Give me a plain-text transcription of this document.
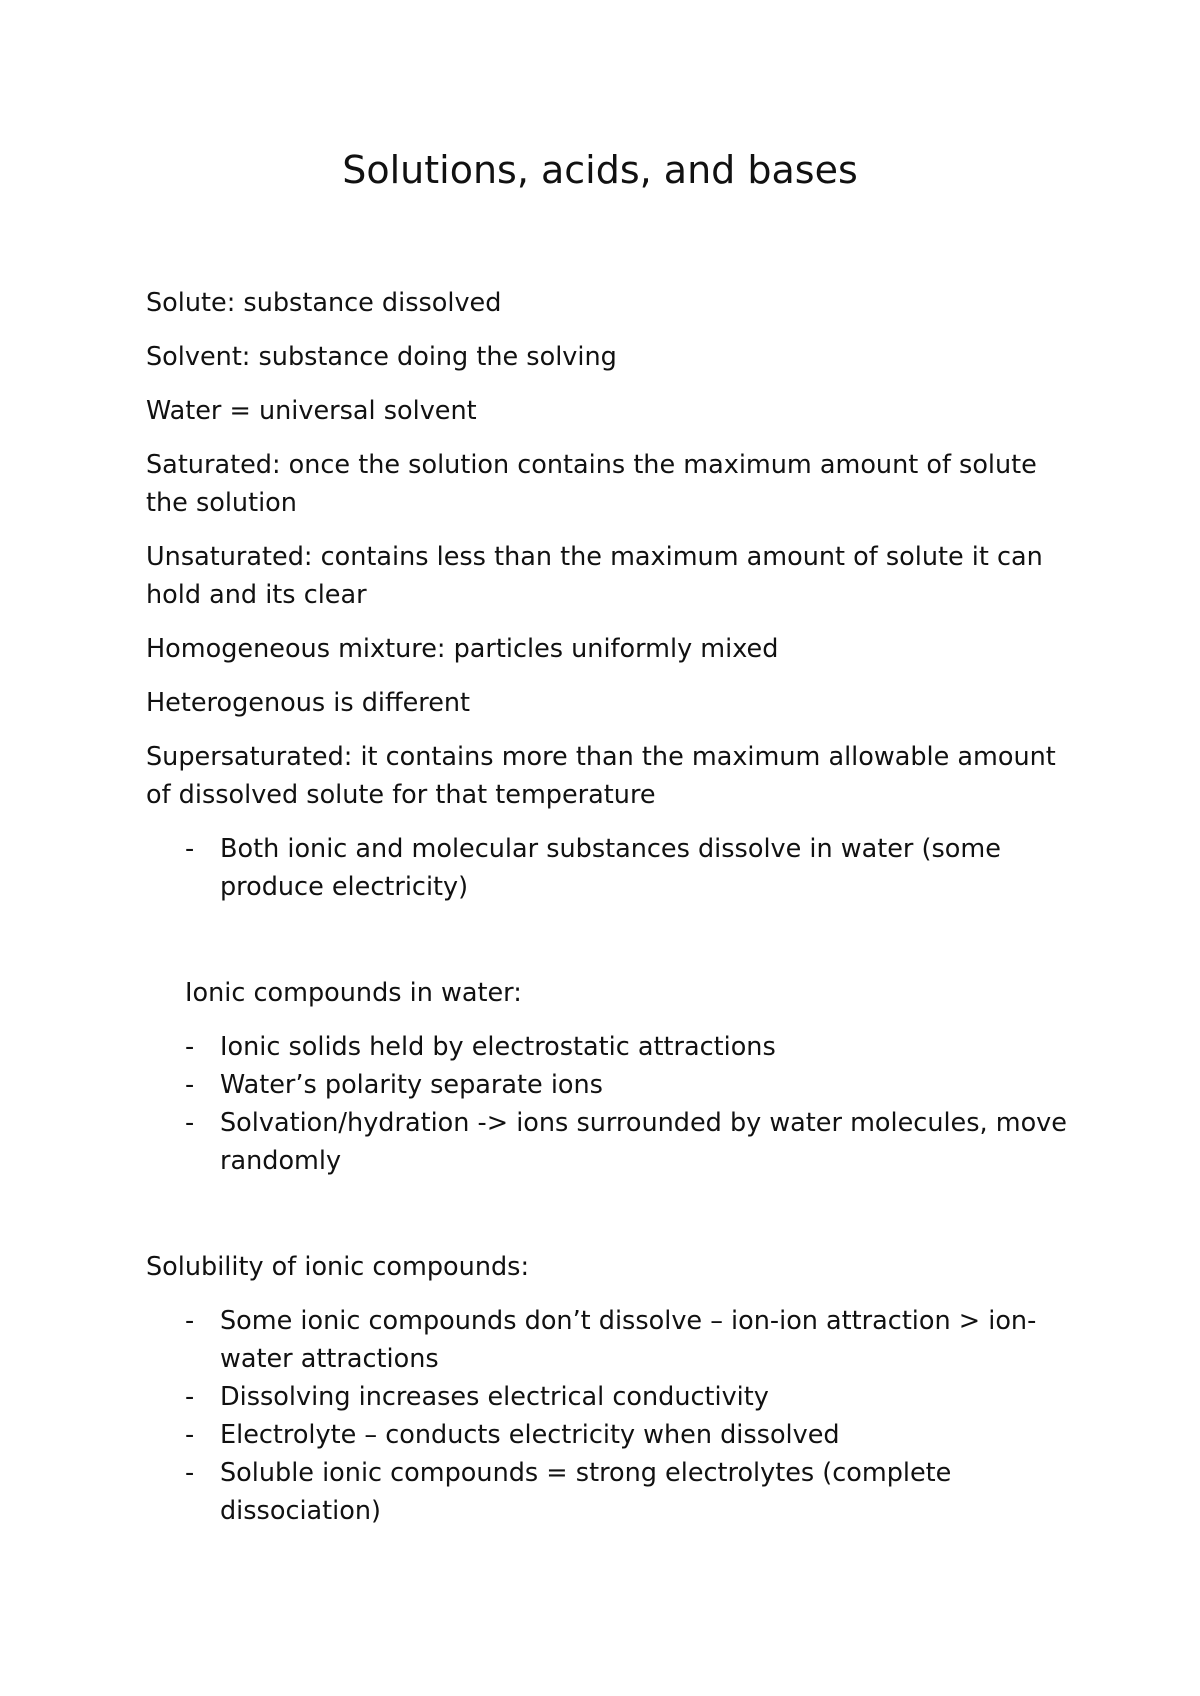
Solutions, acids, and bases

Solute: substance dissolved

Solvent: substance doing the solving

Water = universal solvent

Saturated: once the solution contains the maximum amount of solute the solution

Unsaturated: contains less than the maximum amount of solute it can hold and its clear

Homogeneous mixture: particles uniformly mixed

Heterogenous is different

Supersaturated: it contains more than the maximum allowable amount of dissolved solute for that temperature

- Both ionic and molecular substances dissolve in water (some produce electricity)

Ionic compounds in water:

- Ionic solids held by electrostatic attractions
- Water’s polarity separate ions
- Solvation/hydration -> ions surrounded by water molecules, move randomly

Solubility of ionic compounds:

- Some ionic compounds don’t dissolve – ion-ion attraction > ion- water attractions
- Dissolving increases electrical conductivity
- Electrolyte – conducts electricity when dissolved
- Soluble ionic compounds = strong electrolytes (complete dissociation)
